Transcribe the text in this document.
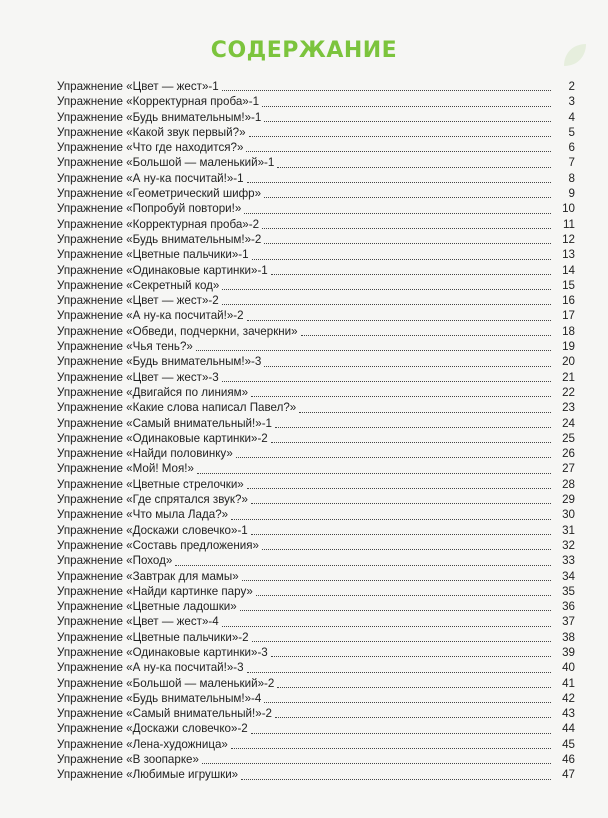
СОДЕРЖАНИЕ
Упражнение «Цвет — жест»-1	2
Упражнение «Корректурная проба»-1	3
Упражнение «Будь внимательным!»-1	4
Упражнение «Какой звук первый?»	5
Упражнение «Что где находится?»	6
Упражнение «Большой — маленький»-1	7
Упражнение «А ну-ка посчитай!»-1	8
Упражнение «Геометрический шифр»	9
Упражнение «Попробуй повтори!»	10
Упражнение «Корректурная проба»-2	11
Упражнение «Будь внимательным!»-2	12
Упражнение «Цветные пальчики»-1	13
Упражнение «Одинаковые картинки»-1	14
Упражнение «Секретный код»	15
Упражнение «Цвет — жест»-2	16
Упражнение «А ну-ка посчитай!»-2	17
Упражнение «Обведи, подчеркни, зачеркни»	18
Упражнение «Чья тень?»	19
Упражнение «Будь внимательным!»-3	20
Упражнение «Цвет — жест»-3	21
Упражнение «Двигайся по линиям»	22
Упражнение «Какие слова написал Павел?»	23
Упражнение «Самый внимательный!»-1	24
Упражнение «Одинаковые картинки»-2	25
Упражнение «Найди половинку»	26
Упражнение «Мой! Моя!»	27
Упражнение «Цветные стрелочки»	28
Упражнение «Где спрятался звук?»	29
Упражнение «Что мыла Лада?»	30
Упражнение «Доскажи словечко»-1	31
Упражнение «Составь предложения»	32
Упражнение «Поход»	33
Упражнение «Завтрак для мамы»	34
Упражнение «Найди картинке пару»	35
Упражнение «Цветные ладошки»	36
Упражнение «Цвет — жест»-4	37
Упражнение «Цветные пальчики»-2	38
Упражнение «Одинаковые картинки»-3	39
Упражнение «А ну-ка посчитай!»-3	40
Упражнение «Большой — маленький»-2	41
Упражнение «Будь внимательным!»-4	42
Упражнение «Самый внимательный!»-2	43
Упражнение «Доскажи словечко»-2	44
Упражнение «Лена-художница»	45
Упражнение «В зоопарке»	46
Упражнение «Любимые игрушки»	47
